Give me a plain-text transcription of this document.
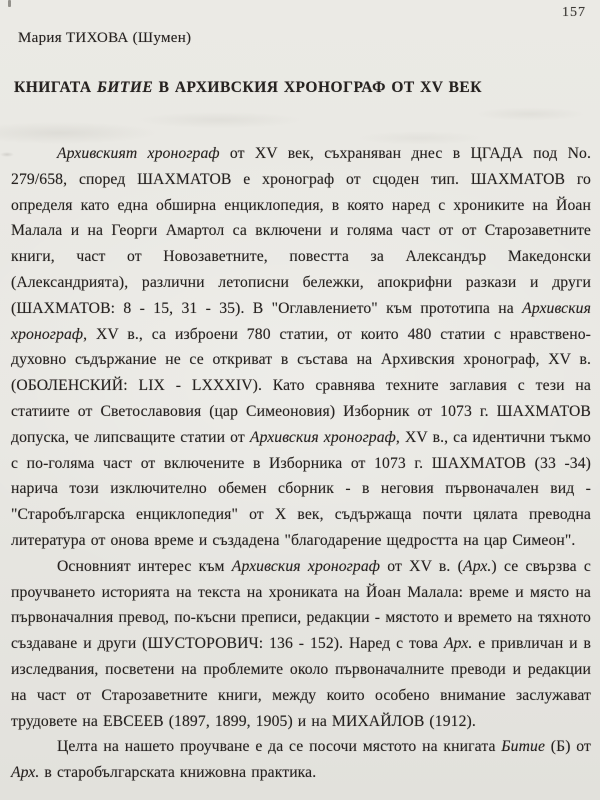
157
Мария ТИХОВА (Шумен)
КНИГАТА БИТИЕ В АРХИВСКИЯ ХРОНОГРАФ ОТ XV ВЕК

Архивският хронограф от XV век, съхраняван днес в ЦГАДА под No. 279/658, според ШАХМАТОВ е хронограф от сцоден тип. ШАХМАТОВ го определя като една обширна енциклопедия, в която наред с хрониките на Йоан Малала и на Георги Амартол са включени и голяма част от от Старозаветните книги, част от Новозаветните, повестта за Александър Македонски (Александрията), различни летописни бележки, апокрифни разкази и други (ШАХМАТОВ: 8 - 15, 31 - 35). В "Оглавлението" към прототипа на Архивския хронограф, XV в., са изброени 780 статии, от които 480 статии с нравствено-духовно съдържание не се откриват в състава на Архивския хронограф, XV в. (ОБОЛЕНСКИЙ: LIX - LXXXIV). Като сравнява техните заглавия с тези на статиите от Светославовия (цар Симеоновия) Изборник от 1073 г. ШАХМАТОВ допуска, че липсващите статии от Архивския хронограф, XV в., са идентични тъкмо с по-голяма част от включените в Изборника от 1073 г. ШАХМАТОВ (33 -34) нарича този изключително обемен сборник - в неговия първоначален вид - "Старобългарска енциклопедия" от X век, съдържаща почти цялата преводна литература от онова време и създадена "благодарение щедростта на цар Симеон".

Основният интерес към Архивския хронограф от XV в. (Арх.) се свързва с проучването историята на текста на хрониката на Йоан Малала: време и място на първоначалния превод, по-късни преписи, редакции - мястото и времето на тяхното създаване и други (ШУСТОРОВИЧ: 136 - 152). Наред с това Арх. е привличан и в изследвания, посветени на проблемите около първоначалните преводи и редакции на част от Старозаветните книги, между които особено внимание заслужават трудовете на ЕВСЕЕВ (1897, 1899, 1905) и на МИХАЙЛОВ (1912).

Целта на нашето проучване е да се посочи мястото на книгата Битие (Б) от Арх. в старобългарската книжовна практика.
